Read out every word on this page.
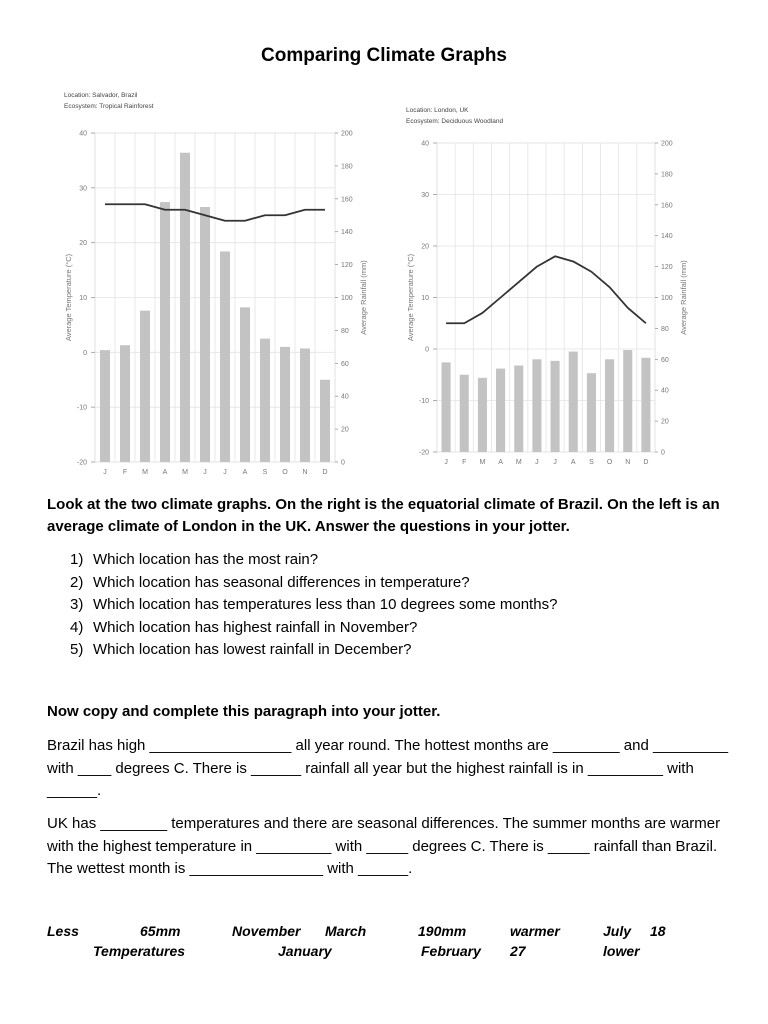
Comparing Climate Graphs
Location: Salvador, Brazil
Ecosystem: Tropical Rainforest
-20
-10
0
10
20
30
40
0
20
40
60
80
100
120
140
160
180
200
Average Temperature (°C)	Average Rainfall (mm)
J F M A M J J A S O N D
Location: London, UK
Ecosystem: Deciduous Woodland
-20
-10
0
10
20
30
40
0
20
40
60
80
100
120
140
160
180
200
Average Temperature (°C)	Average Rainfall (mm)
J F M A M J J A S O N D
Look at the two climate graphs. On the right is the equatorial climate of Brazil. On the left is an average climate of London in the UK. Answer the questions in your jotter.
1) Which location has the most rain?
2) Which location has seasonal differences in temperature?
3) Which location has temperatures less than 10 degrees some months?
4) Which location has highest rainfall in November?
5) Which location has lowest rainfall in December?
Now copy and complete this paragraph into your jotter.

Brazil has high _________________ all year round. The hottest months are ________ and _________ with ____ degrees C. There is ______ rainfall all year but the highest rainfall is in _________ with ______.

UK has ________ temperatures and there are seasonal differences. The summer months are warmer with the highest temperature in _________ with _____ degrees C. There is _____ rainfall than Brazil. The wettest month is ________________ with ______.

Less	65mm	November March	190mm	warmer	July 18
Temperatures	January	February 27	lower
